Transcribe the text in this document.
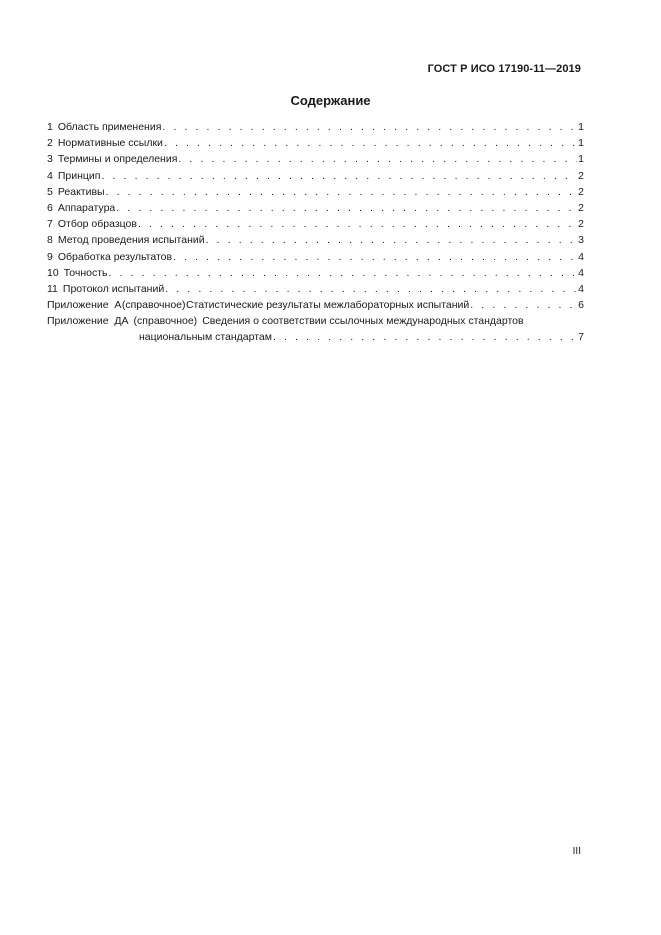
ГОСТ Р ИСО 17190-11—2019
Содержание
1 Область применения . . .	1
2 Нормативные ссылки . . .	1
3 Термины и определения . . .	1
4 Принцип . . .	2
5 Реактивы . . .	2
6 Аппаратура . . .	2
7 Отбор образцов . . .	2
8 Метод проведения испытаний . . .	3
9 Обработка результатов . . .	4
10 Точность . . .	4
11 Протокол испытаний . . .	4
Приложение  А (справочное) Статистические результаты межлабораторных испытаний . . .	6
Приложение  ДА (справочное) Сведения о соответствии ссылочных международных стандартов
национальным стандартам . . .	7
III
